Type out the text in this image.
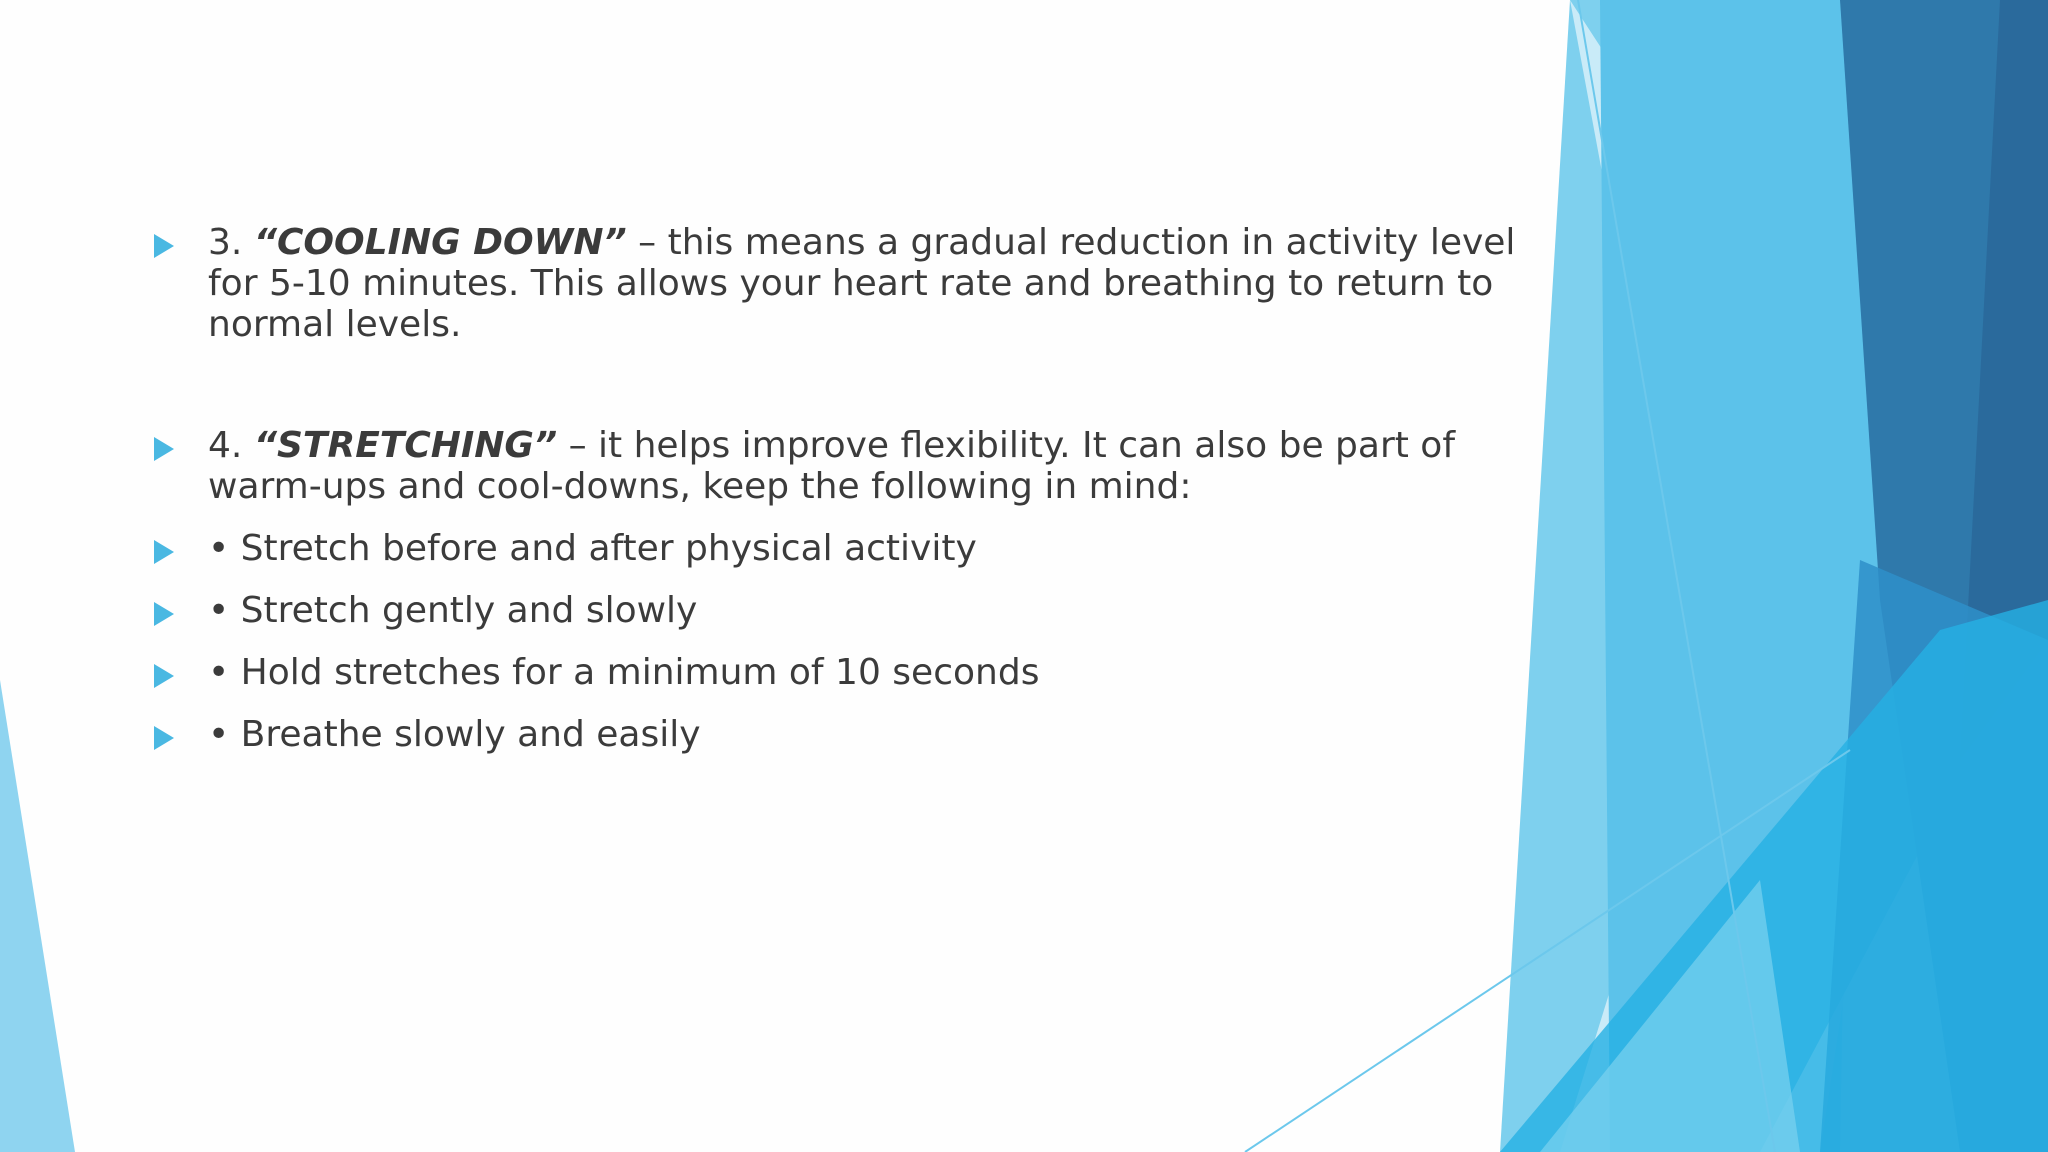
3. “COOLING DOWN” – this means a gradual reduction in activity level for 5-10 minutes. This allows your heart rate and breathing to return to normal levels.
4. “STRETCHING” – it helps improve flexibility. It can also be part of warm-ups and cool-downs, keep the following in mind:
• Stretch before and after physical activity
• Stretch gently and slowly
• Hold stretches for a minimum of 10 seconds
• Breathe slowly and easily
